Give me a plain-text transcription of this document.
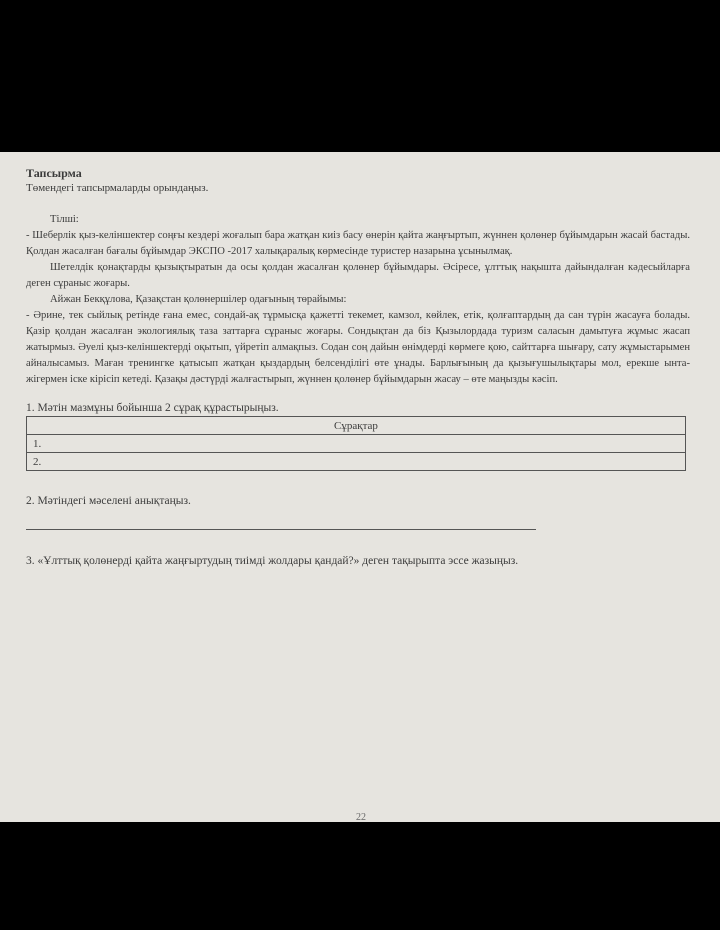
Тапсырма

Төмендегі тапсырмаларды орындаңыз.

Тілші:

- Шеберлік қыз-келіншектер соңғы кездері жоғалып бара жатқан киіз басу өнерін қайта жаңғыртып, жүннен қолөнер бұйымдарын жасай бастады. Қолдан жасалған бағалы бұйымдар ЭКСПО -2017 халықаралық көрмесінде туристер назарына ұсынылмақ.

Шетелдік қонақтарды қызықтыратын да осы қолдан жасалған қолөнер бұйымдары. Әсіресе, ұлттық нақышта дайындалған кәдесыйларға деген сұраныс жоғары.

Айжан Бекқұлова, Қазақстан қолөнершілер одағының төрайымы:

- Әрине, тек сыйлық ретінде ғана емес, сондай-ақ тұрмысқа қажетті текемет, камзол, көйлек, етік, қолғаптардың да сан түрін жасауға болады. Қазір қолдан жасалған экологиялық таза заттарға сұраныс жоғары. Сондықтан да біз Қызылордада туризм саласын дамытуға жұмыс жасап жатырмыз. Әуелі қыз-келіншектерді оқытып, үйретіп алмақпыз. Содан соң дайын өнімдерді көрмеге қою, сайттарға шығару, сату жұмыстарымен айналысамыз. Маған тренингке қатысып жатқан қыздардың белсенділігі өте ұнады. Барлығының да қызығушылықтары мол, ерекше ынта-жігермен іске кірісіп кетеді. Қазақы дәстүрді жалғастырып, жүннен қолөнер бұйымдарын жасау – өте маңызды кәсіп.

1. Мәтін мазмұны бойынша 2 сұрақ құрастырыңыз.
Сұрақтар
1.
2.
2. Мәтіндегі мәселені анықтаңыз.
3. «Ұлттық қолөнерді қайта жаңғыртудың тиімді жолдары қандай?» деген тақырыпта эссе жазыңыз.
22
